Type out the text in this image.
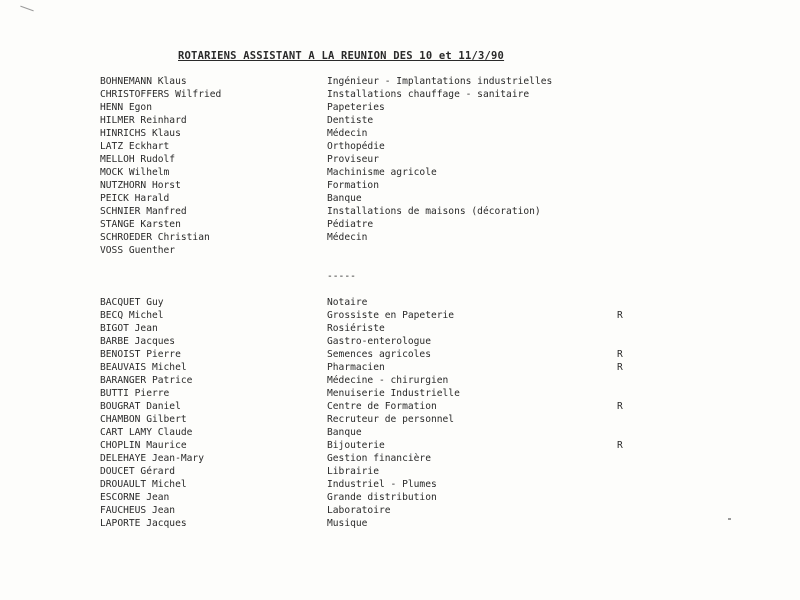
ROTARIENS ASSISTANT A LA REUNION DES 10 et 11/3/90
BOHNEMANN Klaus	Ingénieur - Implantations industrielles
CHRISTOFFERS Wilfried	Installations chauffage - sanitaire
HENN Egon	Papeteries
HILMER Reinhard	Dentiste
HINRICHS Klaus	Médecin
LATZ Eckhart	Orthopédie
MELLOH Rudolf	Proviseur
MOCK Wilhelm	Machinisme agricole
NUTZHORN Horst	Formation
PEICK Harald	Banque
SCHNIER Manfred	Installations de maisons (décoration)
STANGE Karsten	Pédiatre
SCHROEDER Christian	Médecin
VOSS Guenther
-----
BACQUET Guy	Notaire
BECQ Michel	Grossiste en Papeterie	R
BIGOT Jean	Rosiériste
BARBE Jacques	Gastro-enterologue
BENOIST Pierre	Semences agricoles	R
BEAUVAIS Michel	Pharmacien	R
BARANGER Patrice	Médecine - chirurgien
BUTTI Pierre	Menuiserie Industrielle
BOUGRAT Daniel	Centre de Formation	R
CHAMBON Gilbert	Recruteur de personnel
CART LAMY Claude	Banque
CHOPLIN Maurice	Bijouterie	R
DELEHAYE Jean-Mary	Gestion financière
DOUCET Gérard	Librairie
DROUAULT Michel	Industriel - Plumes
ESCORNE Jean	Grande distribution
FAUCHEUS Jean	Laboratoire
LAPORTE Jacques	Musique
